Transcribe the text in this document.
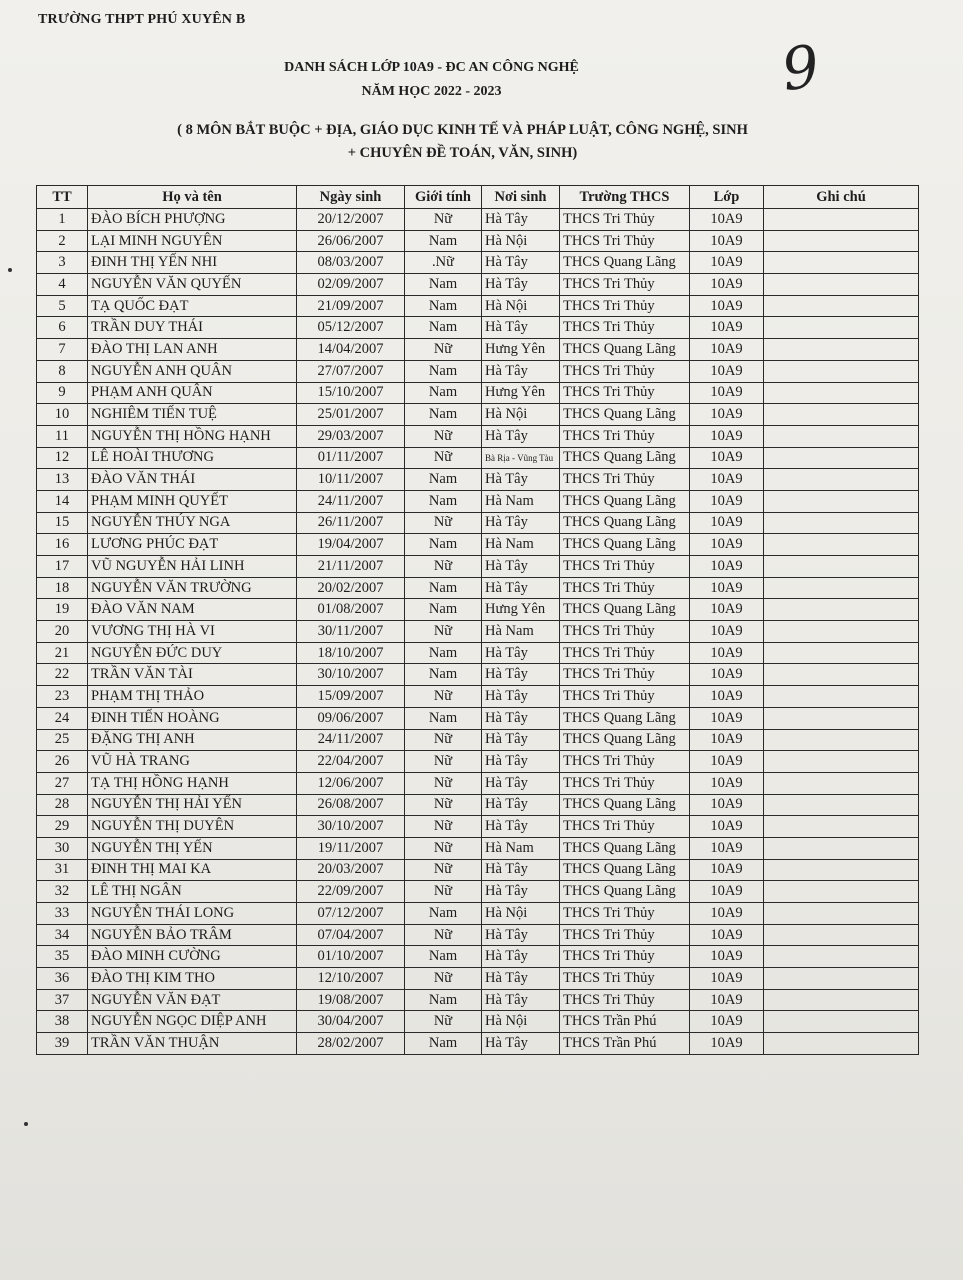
TRƯỜNG THPT PHÚ XUYÊN B
9
DANH SÁCH LỚP 10A9 - ĐC AN CÔNG NGHỆ
NĂM HỌC 2022 - 2023
( 8 MÔN BẮT BUỘC + ĐỊA, GIÁO DỤC KINH TẾ VÀ PHÁP LUẬT, CÔNG NGHỆ, SINH
+ CHUYÊN ĐỀ TOÁN, VĂN, SINH)
TT	Họ và tên	Ngày sinh	Giới tính	Nơi sinh	Trường THCS	Lớp	Ghi chú
1	ĐÀO BÍCH PHƯỢNG	20/12/2007	Nữ	Hà Tây	THCS Tri Thủy	10A9	
2	LẠI MINH NGUYÊN	26/06/2007	Nam	Hà Nội	THCS Tri Thủy	10A9	
3	ĐINH THỊ YẾN NHI	08/03/2007	.Nữ	Hà Tây	THCS Quang Lãng	10A9	
4	NGUYỄN VĂN QUYẾN	02/09/2007	Nam	Hà Tây	THCS Tri Thủy	10A9	
5	TẠ QUỐC ĐẠT	21/09/2007	Nam	Hà Nội	THCS Tri Thủy	10A9	
6	TRẦN DUY THÁI	05/12/2007	Nam	Hà Tây	THCS Tri Thủy	10A9	
7	ĐÀO THỊ LAN ANH	14/04/2007	Nữ	Hưng Yên	THCS Quang Lãng	10A9	
8	NGUYỄN ANH QUÂN	27/07/2007	Nam	Hà Tây	THCS Tri Thủy	10A9	
9	PHẠM ANH QUÂN	15/10/2007	Nam	Hưng Yên	THCS Tri Thủy	10A9	
10	NGHIÊM TIẾN TUỆ	25/01/2007	Nam	Hà Nội	THCS Quang Lãng	10A9	
11	NGUYỄN THỊ HỒNG HẠNH	29/03/2007	Nữ	Hà Tây	THCS Tri Thủy	10A9	
12	LÊ HOÀI THƯƠNG	01/11/2007	Nữ	Bà Rịa - Vũng Tàu	THCS Quang Lãng	10A9	
13	ĐÀO VĂN THÁI	10/11/2007	Nam	Hà Tây	THCS Tri Thủy	10A9	
14	PHẠM MINH QUYẾT	24/11/2007	Nam	Hà Nam	THCS Quang Lãng	10A9	
15	NGUYỄN THÚY NGA	26/11/2007	Nữ	Hà Tây	THCS Quang Lãng	10A9	
16	LƯƠNG PHÚC ĐẠT	19/04/2007	Nam	Hà Nam	THCS Quang Lãng	10A9	
17	VŨ NGUYỄN HẢI LINH	21/11/2007	Nữ	Hà Tây	THCS Tri Thủy	10A9	
18	NGUYỄN VĂN TRƯỜNG	20/02/2007	Nam	Hà Tây	THCS Tri Thủy	10A9	
19	ĐÀO VĂN NAM	01/08/2007	Nam	Hưng Yên	THCS Quang Lãng	10A9	
20	VƯƠNG THỊ HÀ VI	30/11/2007	Nữ	Hà Nam	THCS Tri Thủy	10A9	
21	NGUYỄN ĐỨC DUY	18/10/2007	Nam	Hà Tây	THCS Tri Thủy	10A9	
22	TRẦN VĂN TÀI	30/10/2007	Nam	Hà Tây	THCS Tri Thủy	10A9	
23	PHẠM THỊ THẢO	15/09/2007	Nữ	Hà Tây	THCS Tri Thủy	10A9	
24	ĐINH TIẾN HOÀNG	09/06/2007	Nam	Hà Tây	THCS Quang Lãng	10A9	
25	ĐẶNG THỊ ANH	24/11/2007	Nữ	Hà Tây	THCS Quang Lãng	10A9	
26	VŨ HÀ TRANG	22/04/2007	Nữ	Hà Tây	THCS Tri Thủy	10A9	
27	TẠ THỊ HỒNG HẠNH	12/06/2007	Nữ	Hà Tây	THCS Tri Thủy	10A9	
28	NGUYỄN THỊ HẢI YẾN	26/08/2007	Nữ	Hà Tây	THCS Quang Lãng	10A9	
29	NGUYỄN THỊ DUYÊN	30/10/2007	Nữ	Hà Tây	THCS Tri Thủy	10A9	
30	NGUYỄN THỊ YẾN	19/11/2007	Nữ	Hà Nam	THCS Quang Lãng	10A9	
31	ĐINH THỊ MAI KA	20/03/2007	Nữ	Hà Tây	THCS Quang Lãng	10A9	
32	LÊ THỊ NGÂN	22/09/2007	Nữ	Hà Tây	THCS Quang Lãng	10A9	
33	NGUYỄN THÁI LONG	07/12/2007	Nam	Hà Nội	THCS Tri Thủy	10A9	
34	NGUYỄN BẢO TRÂM	07/04/2007	Nữ	Hà Tây	THCS Tri Thủy	10A9	
35	ĐÀO MINH CƯỜNG	01/10/2007	Nam	Hà Tây	THCS Tri Thủy	10A9	
36	ĐÀO THỊ KIM THO	12/10/2007	Nữ	Hà Tây	THCS Tri Thủy	10A9	
37	NGUYỄN VĂN ĐẠT	19/08/2007	Nam	Hà Tây	THCS Tri Thủy	10A9	
38	NGUYỄN NGỌC DIỆP ANH	30/04/2007	Nữ	Hà Nội	THCS Trần Phú	10A9	
39	TRẦN VĂN THUẬN	28/02/2007	Nam	Hà Tây	THCS Trần Phú	10A9	
